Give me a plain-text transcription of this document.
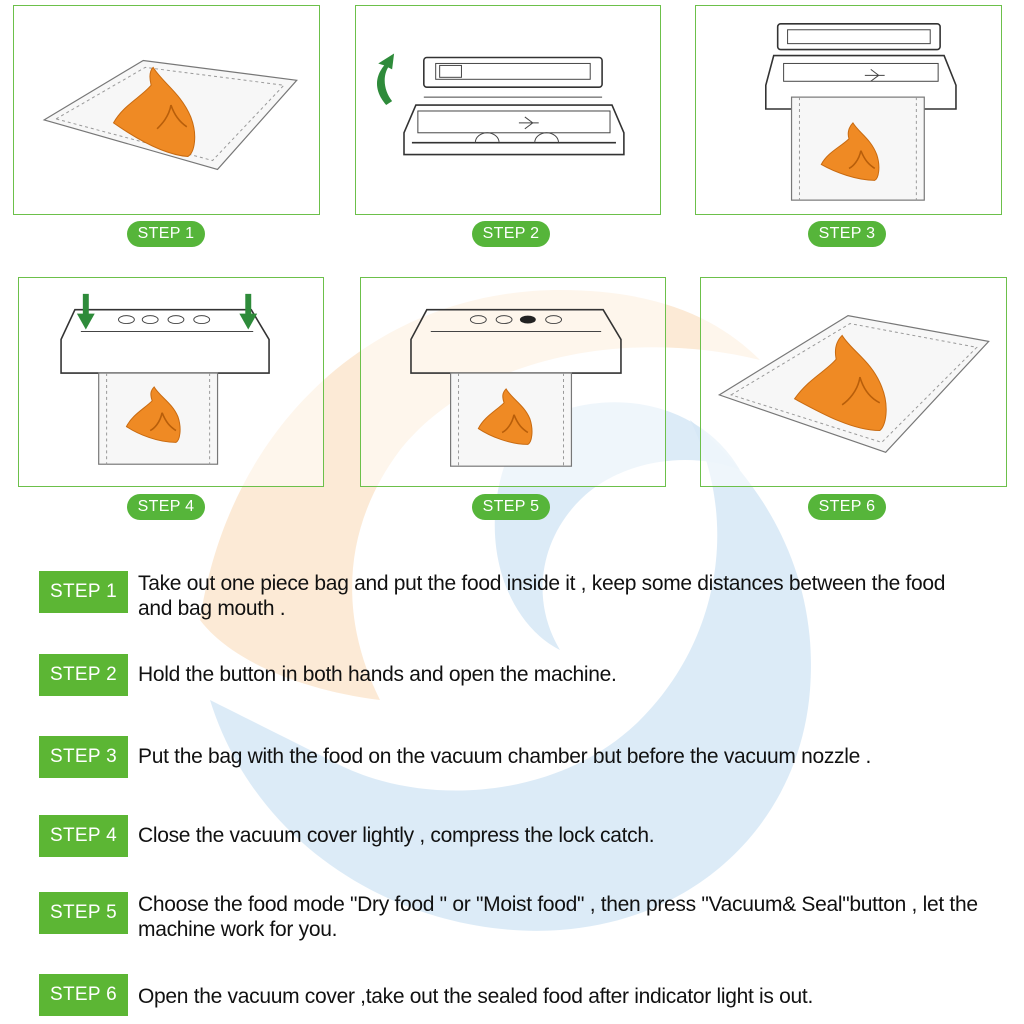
STEP 1	STEP 2	STEP 3
STEP 4	STEP 5	STEP 6
STEP 1	Take out one piece bag and put the food inside it , keep some distances between the food and bag mouth .
STEP 2	Hold the button in both hands and open the machine.
STEP 3	Put the bag with the food on the vacuum chamber but before the vacuum nozzle .
STEP 4	Close the vacuum cover lightly , compress the lock catch.
STEP 5	Choose the food mode "Dry food " or "Moist food" , then press "Vacuum& Seal"button , let the machine work for you.
STEP 6	Open the vacuum cover ,take out the sealed food after indicator light is out.
